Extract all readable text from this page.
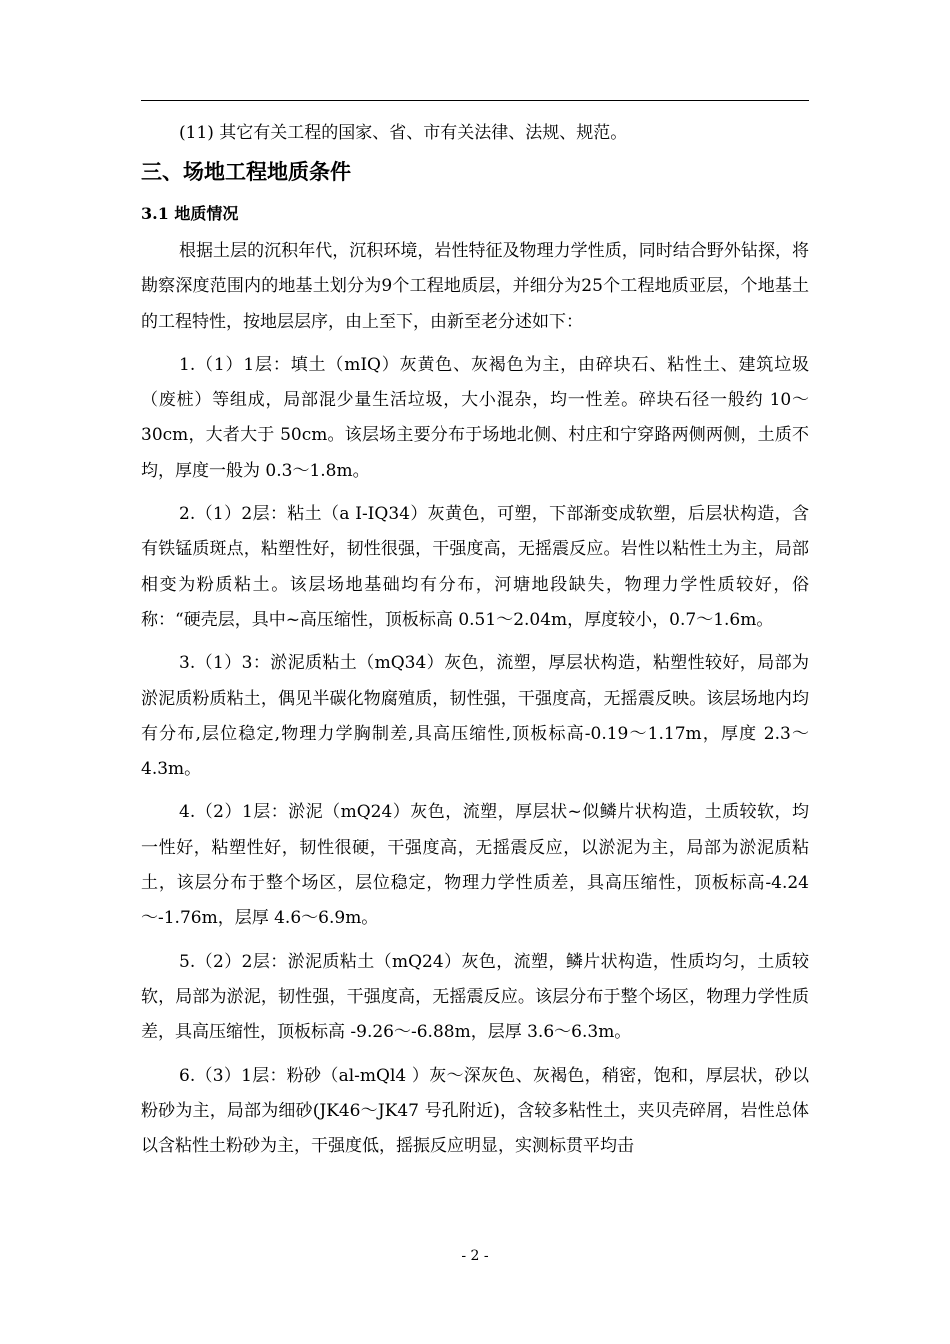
(11) 其它有关工程的国家、省、市有关法律、法规、规范。

三、场地工程地质条件
3.1 地质情况

根据土层的沉积年代，沉积环境，岩性特征及物理力学性质，同时结合野外钻探，将勘察深度范围内的地基土划分为9个工程地质层，并细分为25个工程地质亚层，个地基土的工程特性，按地层层序，由上至下，由新至老分述如下：

1.（1）1层：填土（mIQ）灰黄色、灰褐色为主，由碎块石、粘性土、建筑垃圾（废桩）等组成，局部混少量生活垃圾，大小混杂，均一性差。碎块石径一般约 10～30cm，大者大于 50cm。该层场主要分布于场地北侧、村庄和宁穿路两侧两侧，土质不均，厚度一般为 0.3～1.8m。

2.（1）2层：粘土（a I-IQ34）灰黄色，可塑，下部渐变成软塑，后层状构造，含有铁锰质斑点，粘塑性好，韧性很强，干强度高，无摇震反应。岩性以粘性土为主，局部相变为粉质粘土。该层场地基础均有分布，河塘地段缺失，物理力学性质较好，俗称：“硬壳层，具中~高压缩性，顶板标高 0.51～2.04m，厚度较小，0.7～1.6m。

3.（1）3：淤泥质粘土（mQ34）灰色，流塑，厚层状构造，粘塑性较好，局部为淤泥质粉质粘土，偶见半碳化物腐殖质，韧性强，干强度高，无摇震反映。该层场地内均有分布,层位稳定,物理力学胸制差,具高压缩性,顶板标高-0.19～1.17m，厚度 2.3～4.3m。

4.（2）1层：淤泥（mQ24）灰色，流塑，厚层状~似鳞片状构造，土质较软，均一性好，粘塑性好，韧性很硬，干强度高，无摇震反应，以淤泥为主，局部为淤泥质粘土，该层分布于整个场区，层位稳定，物理力学性质差，具高压缩性，顶板标高-4.24～-1.76m，层厚 4.6～6.9m。

5.（2）2层：淤泥质粘土（mQ24）灰色，流塑，鳞片状构造，性质均匀，土质较软，局部为淤泥，韧性强，干强度高，无摇震反应。该层分布于整个场区，物理力学性质差，具高压缩性，顶板标高 -9.26～-6.88m，层厚 3.6～6.3m。

6.（3）1层：粉砂（al-mQl4 ）灰～深灰色、灰褐色，稍密，饱和，厚层状，砂以粉砂为主，局部为细砂(JK46～JK47 号孔附近)，含较多粘性土，夹贝壳碎屑，岩性总体以含粘性土粉砂为主，干强度低，摇振反应明显，实测标贯平均击

- 2 -
